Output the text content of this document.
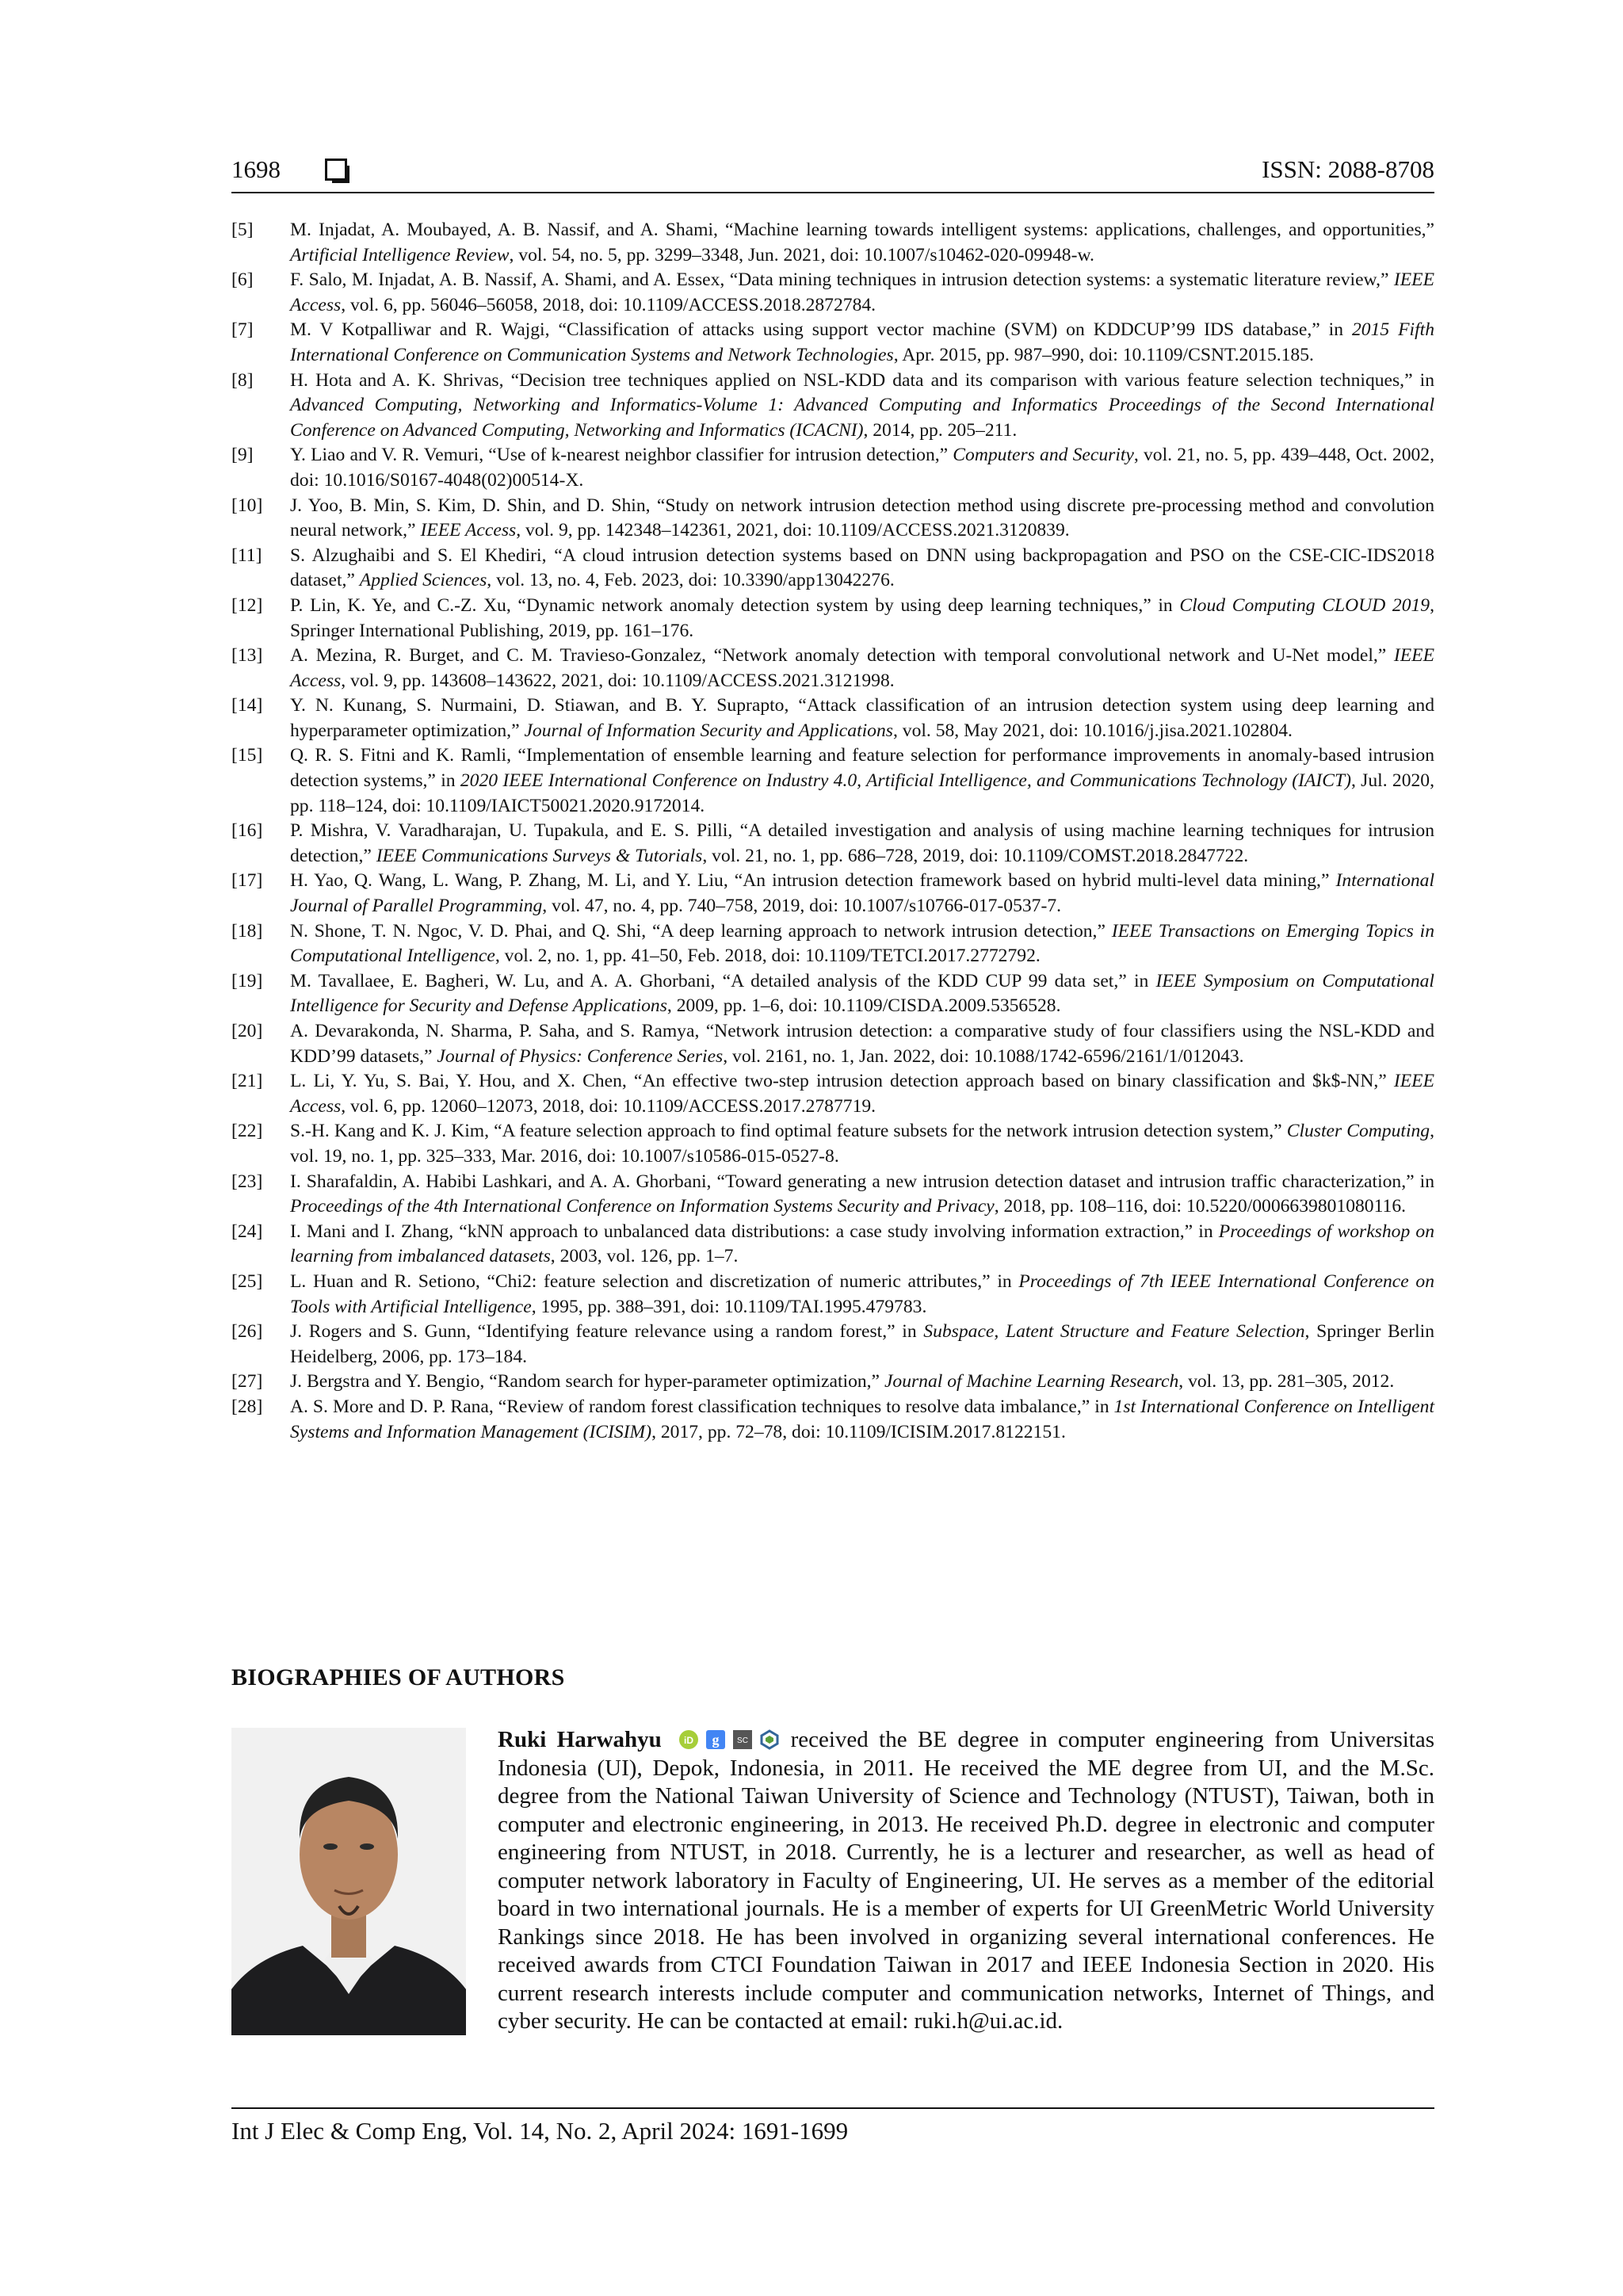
1698	ISSN: 2088-8708
[5]	M. Injadat, A. Moubayed, A. B. Nassif, and A. Shami, “Machine learning towards intelligent systems: applications, challenges, and opportunities,” Artificial Intelligence Review, vol. 54, no. 5, pp. 3299–3348, Jun. 2021, doi: 10.1007/s10462-020-09948-w.
[6]	F. Salo, M. Injadat, A. B. Nassif, A. Shami, and A. Essex, “Data mining techniques in intrusion detection systems: a systematic literature review,” IEEE Access, vol. 6, pp. 56046–56058, 2018, doi: 10.1109/ACCESS.2018.2872784.
[7]	M. V Kotpalliwar and R. Wajgi, “Classification of attacks using support vector machine (SVM) on KDDCUP’99 IDS database,” in 2015 Fifth International Conference on Communication Systems and Network Technologies, Apr. 2015, pp. 987–990, doi: 10.1109/CSNT.2015.185.
[8]	H. Hota and A. K. Shrivas, “Decision tree techniques applied on NSL-KDD data and its comparison with various feature selection techniques,” in Advanced Computing, Networking and Informatics-Volume 1: Advanced Computing and Informatics Proceedings of the Second International Conference on Advanced Computing, Networking and Informatics (ICACNI), 2014, pp. 205–211.
[9]	Y. Liao and V. R. Vemuri, “Use of k-nearest neighbor classifier for intrusion detection,” Computers and Security, vol. 21, no. 5, pp. 439–448, Oct. 2002, doi: 10.1016/S0167-4048(02)00514-X.
[10]	J. Yoo, B. Min, S. Kim, D. Shin, and D. Shin, “Study on network intrusion detection method using discrete pre-processing method and convolution neural network,” IEEE Access, vol. 9, pp. 142348–142361, 2021, doi: 10.1109/ACCESS.2021.3120839.
[11]	S. Alzughaibi and S. El Khediri, “A cloud intrusion detection systems based on DNN using backpropagation and PSO on the CSE-CIC-IDS2018 dataset,” Applied Sciences, vol. 13, no. 4, Feb. 2023, doi: 10.3390/app13042276.
[12]	P. Lin, K. Ye, and C.-Z. Xu, “Dynamic network anomaly detection system by using deep learning techniques,” in Cloud Computing CLOUD 2019, Springer International Publishing, 2019, pp. 161–176.
[13]	A. Mezina, R. Burget, and C. M. Travieso-Gonzalez, “Network anomaly detection with temporal convolutional network and U-Net model,” IEEE Access, vol. 9, pp. 143608–143622, 2021, doi: 10.1109/ACCESS.2021.3121998.
[14]	Y. N. Kunang, S. Nurmaini, D. Stiawan, and B. Y. Suprapto, “Attack classification of an intrusion detection system using deep learning and hyperparameter optimization,” Journal of Information Security and Applications, vol. 58, May 2021, doi: 10.1016/j.jisa.2021.102804.
[15]	Q. R. S. Fitni and K. Ramli, “Implementation of ensemble learning and feature selection for performance improvements in anomaly-based intrusion detection systems,” in 2020 IEEE International Conference on Industry 4.0, Artificial Intelligence, and Communications Technology (IAICT), Jul. 2020, pp. 118–124, doi: 10.1109/IAICT50021.2020.9172014.
[16]	P. Mishra, V. Varadharajan, U. Tupakula, and E. S. Pilli, “A detailed investigation and analysis of using machine learning techniques for intrusion detection,” IEEE Communications Surveys & Tutorials, vol. 21, no. 1, pp. 686–728, 2019, doi: 10.1109/COMST.2018.2847722.
[17]	H. Yao, Q. Wang, L. Wang, P. Zhang, M. Li, and Y. Liu, “An intrusion detection framework based on hybrid multi-level data mining,” International Journal of Parallel Programming, vol. 47, no. 4, pp. 740–758, 2019, doi: 10.1007/s10766-017-0537-7.
[18]	N. Shone, T. N. Ngoc, V. D. Phai, and Q. Shi, “A deep learning approach to network intrusion detection,” IEEE Transactions on Emerging Topics in Computational Intelligence, vol. 2, no. 1, pp. 41–50, Feb. 2018, doi: 10.1109/TETCI.2017.2772792.
[19]	M. Tavallaee, E. Bagheri, W. Lu, and A. A. Ghorbani, “A detailed analysis of the KDD CUP 99 data set,” in IEEE Symposium on Computational Intelligence for Security and Defense Applications, 2009, pp. 1–6, doi: 10.1109/CISDA.2009.5356528.
[20]	A. Devarakonda, N. Sharma, P. Saha, and S. Ramya, “Network intrusion detection: a comparative study of four classifiers using the NSL-KDD and KDD’99 datasets,” Journal of Physics: Conference Series, vol. 2161, no. 1, Jan. 2022, doi: 10.1088/1742-6596/2161/1/012043.
[21]	L. Li, Y. Yu, S. Bai, Y. Hou, and X. Chen, “An effective two-step intrusion detection approach based on binary classification and $k$-NN,” IEEE Access, vol. 6, pp. 12060–12073, 2018, doi: 10.1109/ACCESS.2017.2787719.
[22]	S.-H. Kang and K. J. Kim, “A feature selection approach to find optimal feature subsets for the network intrusion detection system,” Cluster Computing, vol. 19, no. 1, pp. 325–333, Mar. 2016, doi: 10.1007/s10586-015-0527-8.
[23]	I. Sharafaldin, A. Habibi Lashkari, and A. A. Ghorbani, “Toward generating a new intrusion detection dataset and intrusion traffic characterization,” in Proceedings of the 4th International Conference on Information Systems Security and Privacy, 2018, pp. 108–116, doi: 10.5220/0006639801080116.
[24]	I. Mani and I. Zhang, “kNN approach to unbalanced data distributions: a case study involving information extraction,” in Proceedings of workshop on learning from imbalanced datasets, 2003, vol. 126, pp. 1–7.
[25]	L. Huan and R. Setiono, “Chi2: feature selection and discretization of numeric attributes,” in Proceedings of 7th IEEE International Conference on Tools with Artificial Intelligence, 1995, pp. 388–391, doi: 10.1109/TAI.1995.479783.
[26]	J. Rogers and S. Gunn, “Identifying feature relevance using a random forest,” in Subspace, Latent Structure and Feature Selection, Springer Berlin Heidelberg, 2006, pp. 173–184.
[27]	J. Bergstra and Y. Bengio, “Random search for hyper-parameter optimization,” Journal of Machine Learning Research, vol. 13, pp. 281–305, 2012.
[28]	A. S. More and D. P. Rana, “Review of random forest classification techniques to resolve data imbalance,” in 1st International Conference on Intelligent Systems and Information Management (ICISIM), 2017, pp. 72–78, doi: 10.1109/ICISIM.2017.8122151.
BIOGRAPHIES OF AUTHORS
Ruki Harwahyu iD g SC received the BE degree in computer engineering from Universitas Indonesia (UI), Depok, Indonesia, in 2011. He received the ME degree from UI, and the M.Sc. degree from the National Taiwan University of Science and Technology (NTUST), Taiwan, both in computer and electronic engineering, in 2013. He received Ph.D. degree in electronic and computer engineering from NTUST, in 2018. Currently, he is a lecturer and researcher, as well as head of computer network laboratory in Faculty of Engineering, UI. He serves as a member of the editorial board in two international journals. He is a member of experts for UI GreenMetric World University Rankings since 2018. He has been involved in organizing several international conferences. He received awards from CTCI Foundation Taiwan in 2017 and IEEE Indonesia Section in 2020. His current research interests include computer and communication networks, Internet of Things, and cyber security. He can be contacted at email: ruki.h@ui.ac.id.
Int J Elec & Comp Eng, Vol. 14, No. 2, April 2024: 1691-1699
